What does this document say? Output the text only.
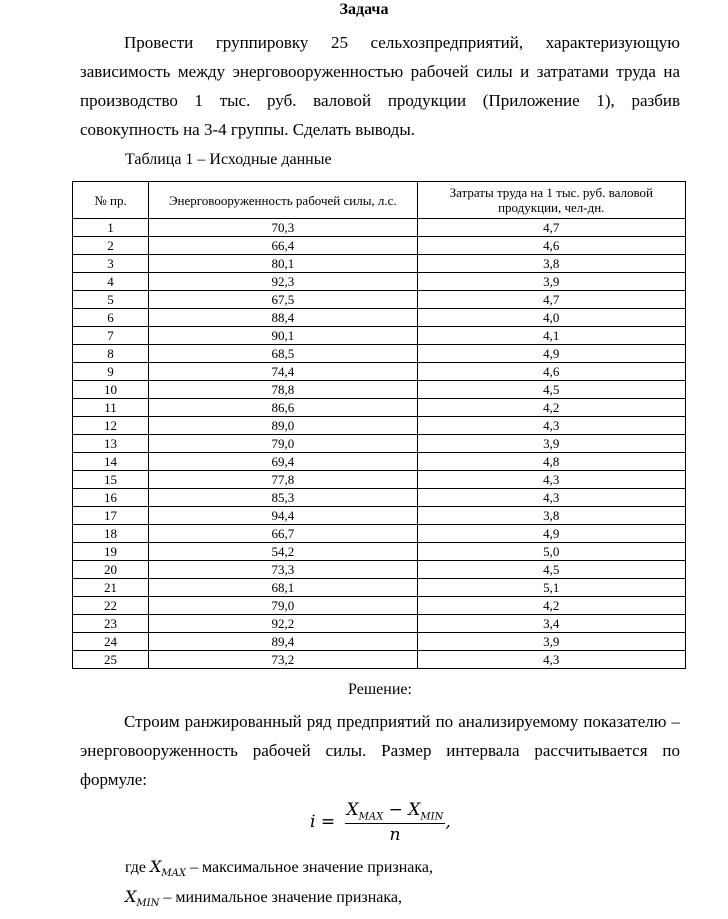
Задача

Провести группировку 25 сельхозпредприятий, характеризующую зависимость между энерговооруженностью рабочей силы и затратами труда на производство 1 тыс. руб. валовой продукции (Приложение 1), разбив совокупность на 3-4 группы. Сделать выводы.

Таблица 1 – Исходные данные
№ пр.	Энерговооруженность рабочей силы, л.с.	Затраты труда на 1 тыс. руб. валовой продукции, чел-дн.
1	70,3	4,7
2	66,4	4,6
3	80,1	3,8
4	92,3	3,9
5	67,5	4,7
6	88,4	4,0
7	90,1	4,1
8	68,5	4,9
9	74,4	4,6
10	78,8	4,5
11	86,6	4,2
12	89,0	4,3
13	79,0	3,9
14	69,4	4,8
15	77,8	4,3
16	85,3	4,3
17	94,4	3,8
18	66,7	4,9
19	54,2	5,0
20	73,3	4,5
21	68,1	5,1
22	79,0	4,2
23	92,2	3,4
24	89,4	3,9
25	73,2	4,3
Решение:

Строим ранжированный ряд предприятий по анализируемому показателю – энерговооруженность рабочей силы. Размер интервала рассчитывается по формуле:

$i = \frac{X_{MAX} - X_{MIN}}{n}$ ,
где $X_{MAX}$ – максимальное значение признака,
$X_{MIN}$ – минимальное значение признака,
